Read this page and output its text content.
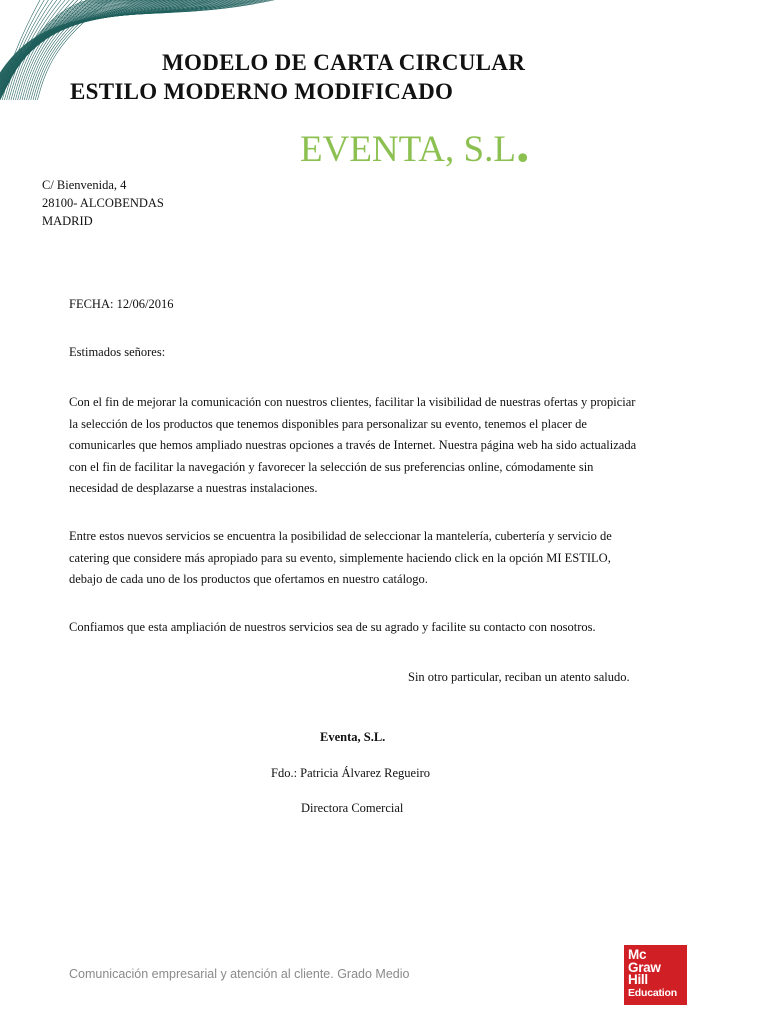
MODELO DE CARTA CIRCULAR
ESTILO MODERNO MODIFICADO
EVENTA, S.L.
C/ Bienvenida, 4
28100- ALCOBENDAS
MADRID
FECHA: 12/06/2016
Estimados señores:
Con el fin de mejorar la comunicación con nuestros clientes, facilitar la visibilidad de nuestras ofertas y propiciar la selección de los productos que tenemos disponibles para personalizar su evento, tenemos el placer de comunicarles que hemos ampliado nuestras opciones a través de Internet. Nuestra página web ha sido actualizada con el fin de facilitar la navegación y favorecer la selección de sus preferencias online, cómodamente sin necesidad de desplazarse a nuestras instalaciones.
Entre estos nuevos servicios se encuentra la posibilidad de seleccionar la mantelería, cubertería y servicio de catering que considere más apropiado para su evento, simplemente haciendo click en la opción MI ESTILO, debajo de cada uno de los productos que ofertamos en nuestro catálogo.
Confiamos que esta ampliación de nuestros servicios sea de su agrado y facilite su contacto con nosotros.
Sin otro particular, reciban un atento saludo.
Eventa, S.L.
Fdo.: Patricia Álvarez Regueiro
Directora Comercial
Comunicación empresarial y atención al cliente. Grado Medio
Mc
Graw
Hill
Education
